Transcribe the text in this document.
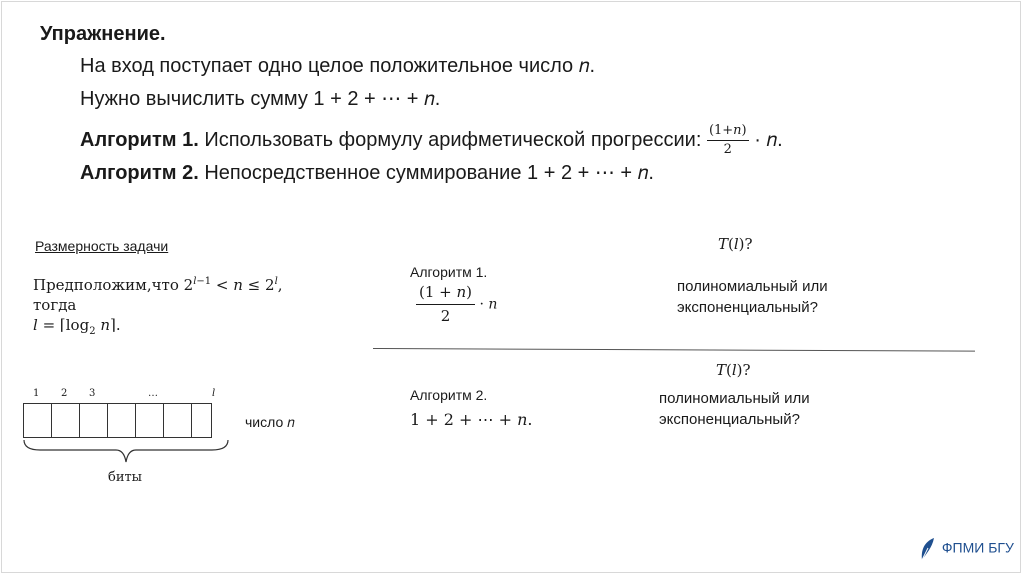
Упражнение.
На вход поступает одно целое положительное число 𝑛.
Нужно вычислить сумму 1 + 2 + ⋯ + 𝑛.
Алгоритм 1. Использовать формулу арифметической прогрессии: $\frac{\text{(1+𝑛)}}{2}$ · 𝑛.
Алгоритм 2. Непосредственное суммирование 1 + 2 + ⋯ + 𝑛.
Размерность задачи
Предположим,что $2^{𝑙-1}$ < 𝑛 ≤ $2^𝑙$,
тогда
𝑙 = $⌈\log_2$ 𝑛⌉.
1 2 3	…	𝑙
число 𝑛
биты
𝑇(𝑙)?
Алгоритм 1.
$\frac{\text{(1 + 𝑛)}}{2}$ · 𝑛
полиномиальный или
экспоненциальный?
𝑇(𝑙)?
Алгоритм 2.
1 + 2 + ⋯ + 𝑛.
полиномиальный или
экспоненциальный?
ФПМИ БГУ
